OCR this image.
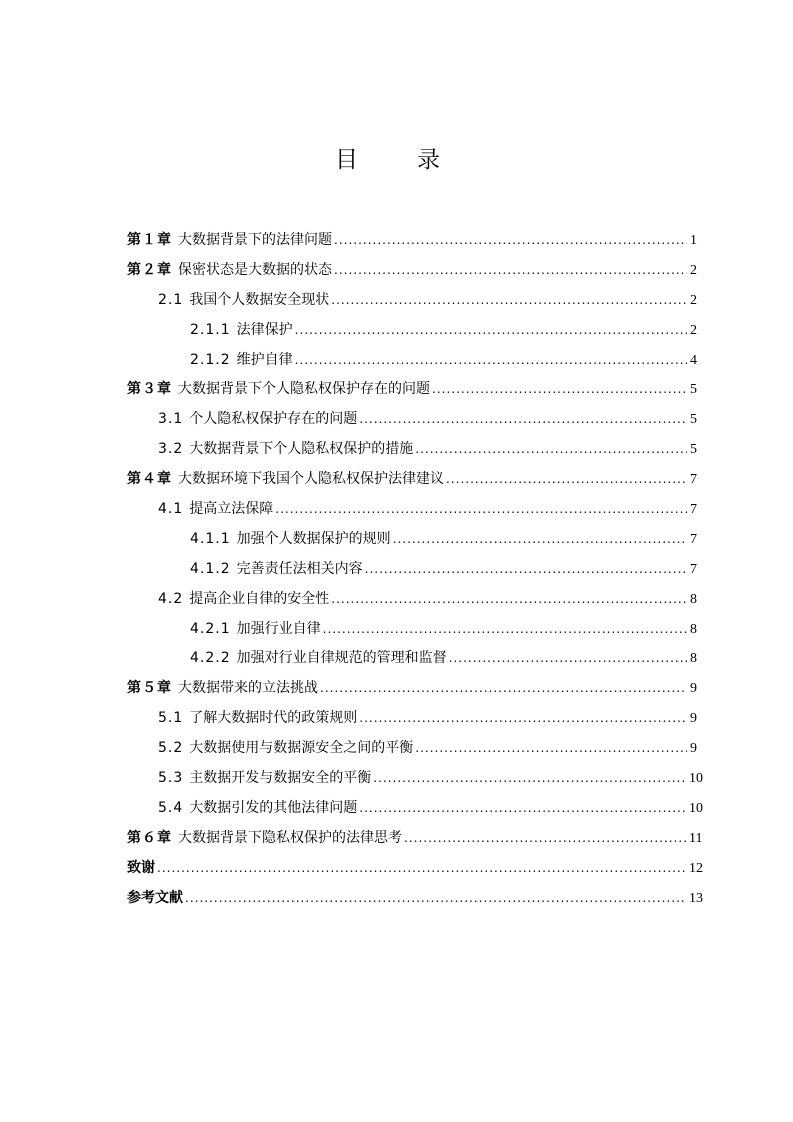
目　录
第１章 大数据背景下的法律问题 .....	1
第２章 保密状态是大数据的状态 .....	2
2.1 我国个人数据安全现状 .....	2
2.1.1 法律保护 .....	2
2.1.2 维护自律 .....	4
第３章 大数据背景下个人隐私权保护存在的问题 .....	5
3.1 个人隐私权保护存在的问题 .....	5
3.2 大数据背景下个人隐私权保护的措施 .....	5
第４章 大数据环境下我国个人隐私权保护法律建议 .....	7
4.1 提高立法保障 .....	7
4.1.1 加强个人数据保护的规则 .....	7
4.1.2 完善责任法相关内容 .....	7
4.2 提高企业自律的安全性 .....	8
4.2.1 加强行业自律 .....	8
4.2.2 加强对行业自律规范的管理和监督 .....	8
第５章 大数据带来的立法挑战 .....	9
5.1 了解大数据时代的政策规则 .....	9
5.2 大数据使用与数据源安全之间的平衡 .....	9
5.3 主数据开发与数据安全的平衡 .....	10
5.4 大数据引发的其他法律问题 .....	10
第６章 大数据背景下隐私权保护的法律思考 .....	11
致谢 .....	12
参考文献 .....	13
